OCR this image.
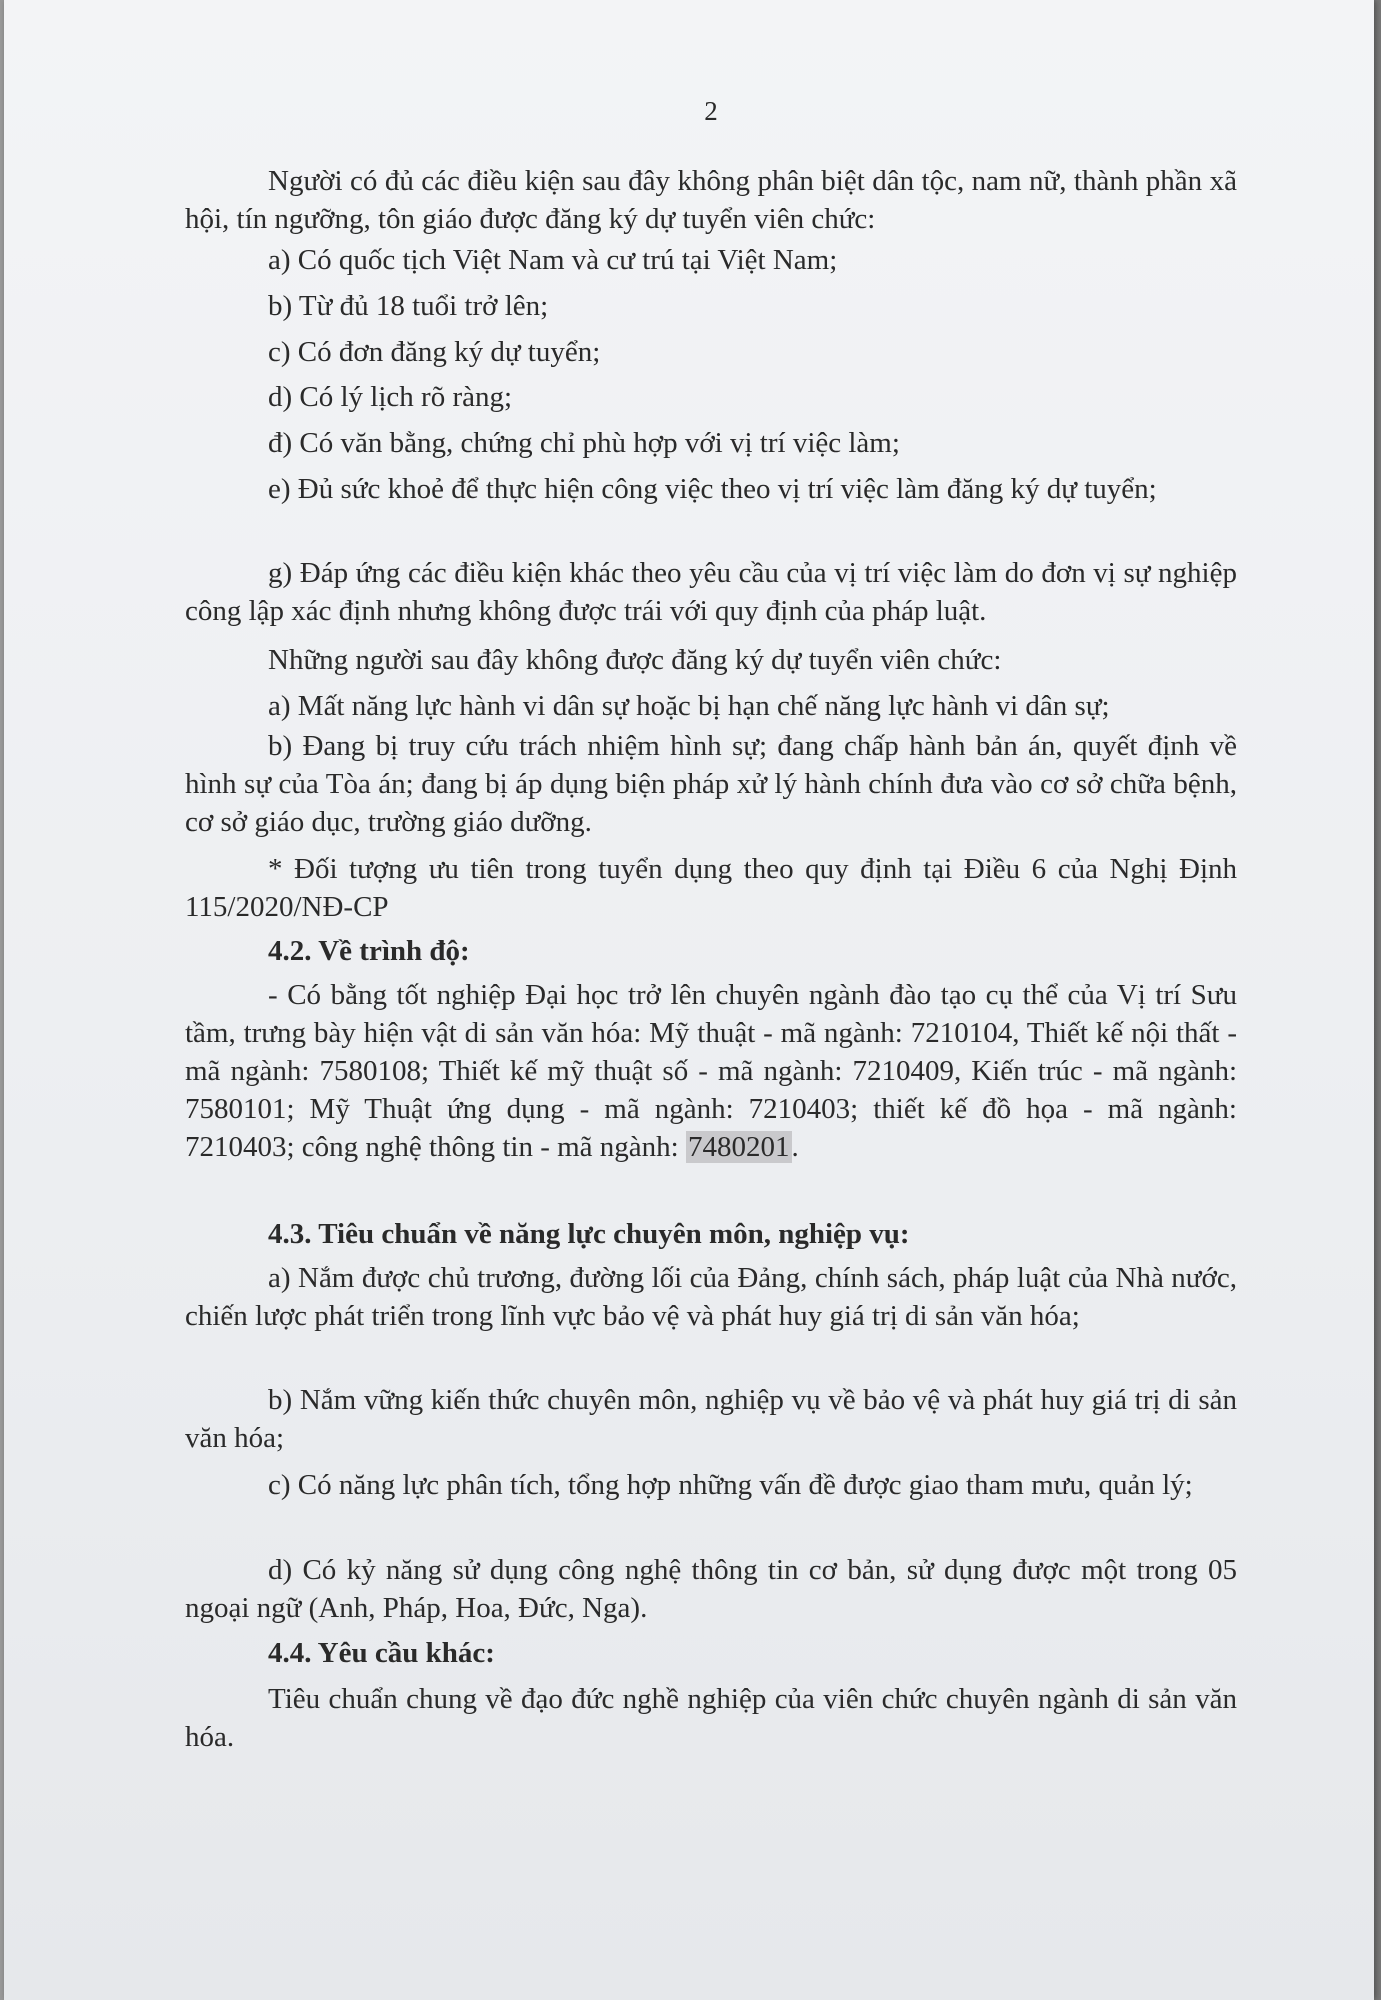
2
Người có đủ các điều kiện sau đây không phân biệt dân tộc, nam nữ, thành phần xã hội, tín ngưỡng, tôn giáo được đăng ký dự tuyển viên chức:
a) Có quốc tịch Việt Nam và cư trú tại Việt Nam;
b) Từ đủ 18 tuổi trở lên;
c) Có đơn đăng ký dự tuyển;
d) Có lý lịch rõ ràng;
đ) Có văn bằng, chứng chỉ phù hợp với vị trí việc làm;
e) Đủ sức khoẻ để thực hiện công việc theo vị trí việc làm đăng ký dự tuyển;
g) Đáp ứng các điều kiện khác theo yêu cầu của vị trí việc làm do đơn vị sự nghiệp công lập xác định nhưng không được trái với quy định của pháp luật.
Những người sau đây không được đăng ký dự tuyển viên chức:
a) Mất năng lực hành vi dân sự hoặc bị hạn chế năng lực hành vi dân sự;
b) Đang bị truy cứu trách nhiệm hình sự; đang chấp hành bản án, quyết định về hình sự của Tòa án; đang bị áp dụng biện pháp xử lý hành chính đưa vào cơ sở chữa bệnh, cơ sở giáo dục, trường giáo dưỡng.
* Đối tượng ưu tiên trong tuyển dụng theo quy định tại Điều 6 của Nghị Định 115/2020/NĐ-CP
4.2. Về trình độ:
- Có bằng tốt nghiệp Đại học trở lên chuyên ngành đào tạo cụ thể của Vị trí Sưu tầm, trưng bày hiện vật di sản văn hóa: Mỹ thuật - mã ngành: 7210104, Thiết kế nội thất - mã ngành: 7580108; Thiết kế mỹ thuật số - mã ngành: 7210409, Kiến trúc - mã ngành: 7580101; Mỹ Thuật ứng dụng - mã ngành: 7210403; thiết kế đồ họa - mã ngành: 7210403; công nghệ thông tin - mã ngành: 7480201.
4.3. Tiêu chuẩn về năng lực chuyên môn, nghiệp vụ:
a) Nắm được chủ trương, đường lối của Đảng, chính sách, pháp luật của Nhà nước, chiến lược phát triển trong lĩnh vực bảo vệ và phát huy giá trị di sản văn hóa;
b) Nắm vững kiến thức chuyên môn, nghiệp vụ về bảo vệ và phát huy giá trị di sản văn hóa;
c) Có năng lực phân tích, tổng hợp những vấn đề được giao tham mưu, quản lý;
d) Có kỷ năng sử dụng công nghệ thông tin cơ bản, sử dụng được một trong 05 ngoại ngữ (Anh, Pháp, Hoa, Đức, Nga).
4.4. Yêu cầu khác:
Tiêu chuẩn chung về đạo đức nghề nghiệp của viên chức chuyên ngành di sản văn hóa.
